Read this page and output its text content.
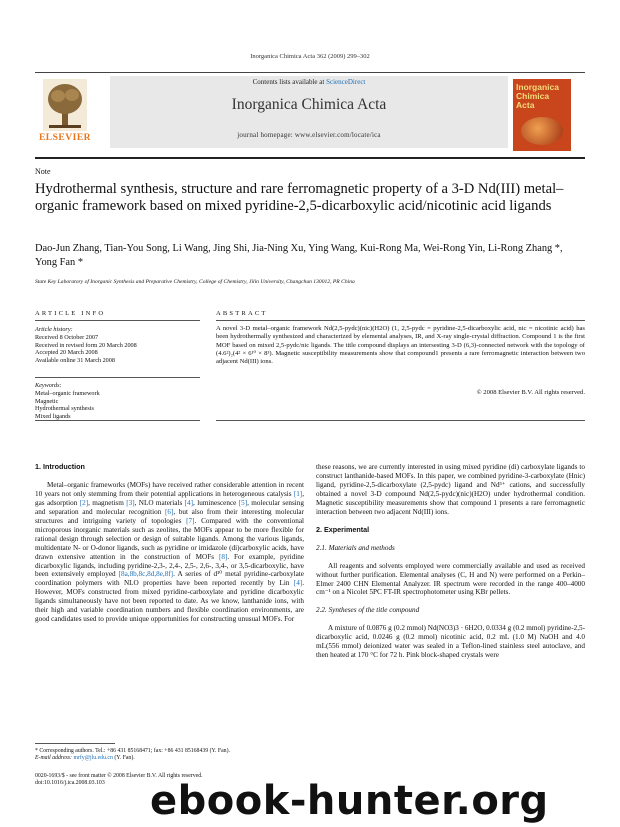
Inorganica Chimica Acta 362 (2009) 299–302
ELSEVIER
Contents lists available at ScienceDirect
Inorganica Chimica Acta
journal homepage: www.elsevier.com/locate/ica
Inorganica Chimica Acta
Note
Hydrothermal synthesis, structure and rare ferromagnetic property of a 3-D Nd(III) metal–organic framework based on mixed pyridine-2,5-dicarboxylic acid/nicotinic acid ligands
Dao-Jun Zhang, Tian-You Song, Li Wang, Jing Shi, Jia-Ning Xu, Ying Wang, Kui-Rong Ma, Wei-Rong Yin, Li-Rong Zhang *, Yong Fan *
State Key Laboratory of Inorganic Synthesis and Preparative Chemistry, College of Chemistry, Jilin University, Changchun 130012, PR China
ARTICLE INFO	ABSTRACT
Article history:
Received 8 October 2007
Received in revised form 20 March 2008
Accepted 20 March 2008
Available online 31 March 2008
Keywords:
Metal–organic framework
Magnetic
Hydrothermal synthesis
Mixed ligands
A novel 3-D metal–organic framework Nd(2,5-pydc)(nic)(H2O) (1, 2,5-pydc = pyridine-2,5-dicarboxylic acid, nic = nicotinic acid) has been hydrothermally synthesized and characterized by elemental analyses, IR, and X-ray single-crystal diffraction. Compound 1 is the first MOF based on mixed 2,5-pydc/nic ligands. The title compound displays an intersesting 3-D (6,3)-connected network with the topology of (4.6²)₂(4² × 6¹⁰ × 8³). Magnetic susceptibility measurements show that compound1 presents a rare ferromagnetic interaction between two adjacent Nd(III) ions.
© 2008 Elsevier B.V. All rights reserved.

1. Introduction

Metal–organic frameworks (MOFs) have received rather considerable attention in recent 10 years not only stemming from their potential applications in heterogeneous catalysis [1], gas adsorption [2], magnetism [3], NLO materials [4], luminescence [5], molecular sensing and separation and molecular recognition [6], but also from their interesting molecular structures and intriguing variety of topologies [7]. Compared with the conventional microporous inorganic materials such as zeolites, the MOFs appear to be more flexible for rational design through selection or design of suitable ligands. Among the various ligands, multidentate N- or O-donor ligands, such as pyridine or imidazole (di)carboxylic acids, have drawn extensive attention in the construction of MOFs [8]. For example, pyridine dicarboxylic ligands, including pyridine-2,3-, 2,4-, 2,5-, 2,6-, 3,4-, or 3,5-dicarboxylic, have been extensively employed [8a,8b,8c,8d,8e,8f]. A series of d¹⁰ metal pyridine-carboxylate coordination polymers with NLO properties have been reported recently by Lin [4]. However, MOFs constructed from mixed pyridine-carboxylate and pyridine dicarboxylic ligands simultaneously have not been reported to date. As we know, lanthanide ions, with their high and variable coordination numbers and flexible coordination environments, are good candidates used to provide unique opportunities for constructing unusual MOFs. For

these reasons, we are currently interested in using mixed pyridine (di) carboxylate ligands to construct lanthanide-based MOFs. In this paper, we combined pyridine-3-carboxylate (Hnic) ligand, pyridine-2,5-dicarboxylate (2,5-pydc) ligand and Nd³⁺ cations, and successfully obtained a novel 3-D compound Nd(2,5-pydc)(nic)(H2O) under hydrothermal condition. Magnetic susceptibility measurements show that compound 1 presents a rare ferromagnetic interaction between two adjacent Nd(III) ions.

2. Experimental

2.1. Materials and methods

All reagents and solvents employed were commercially available and used as received without further purification. Elemental analyses (C, H and N) were performed on a Perkin–Elmer 2400 CHN Elemental Analyzer. IR spectrum were recorded in the range 400–4000 cm⁻¹ on a Nicolet 5PC FT-IR spectrophotometer using KBr pellets.

2.2. Syntheses of the title compound

A mixture of 0.0876 g (0.2 mmol) Nd(NO3)3 · 6H2O, 0.0334 g (0.2 mmol) pyridine-2,5-dicarboxylic acid, 0.0246 g (0.2 mmol) nicotinic acid, 0.2 mL (1.0 M) NaOH and 4.0 mL(556 mmol) deionized water was sealed in a Teflon-lined stainless steel autoclave, and then heated at 170 °C for 72 h. Pink block-shaped crystals were

* Corresponding authors. Tel.: +86 431 85168471; fax: +86 431 85168439 (Y. Fan).
E-mail address: mrfy@jlu.edu.cn (Y. Fan).
0020-1693/$ - see front matter © 2008 Elsevier B.V. All rights reserved.
doi:10.1016/j.ica.2008.03.103	ebook-hunter.org
